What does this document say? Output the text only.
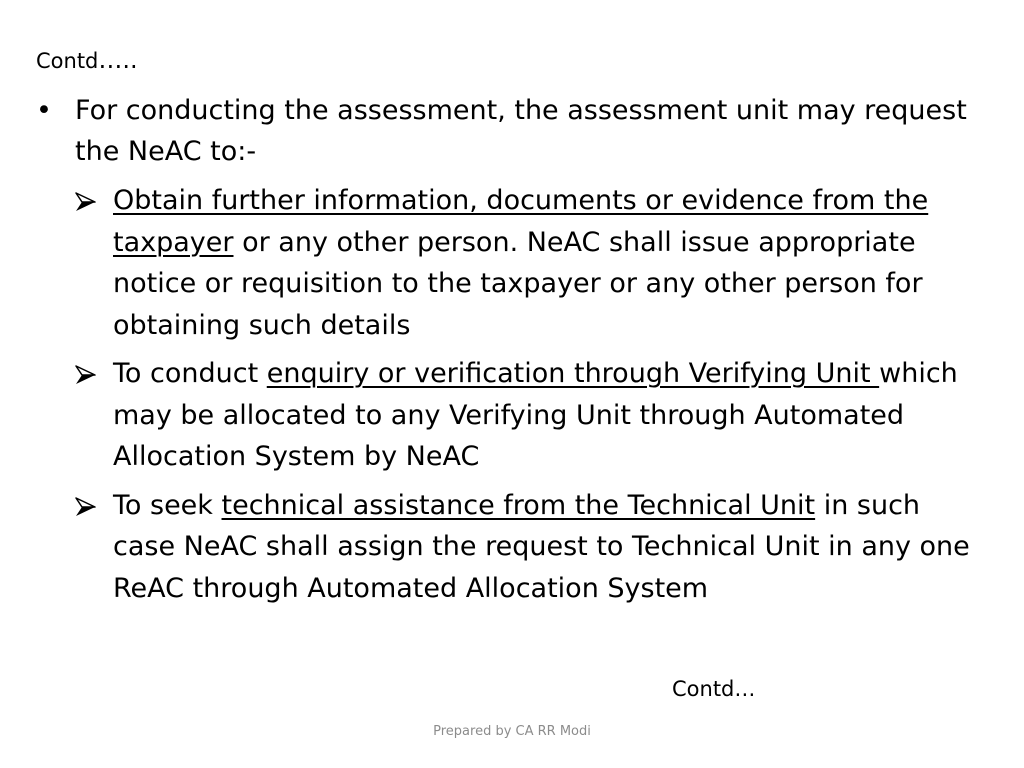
Contd…..
• For conducting the assessment, the assessment unit may request the NeAC to:-
Obtain further information, documents or evidence from the taxpayer or any other person. NeAC shall issue appropriate notice or requisition to the taxpayer or any other person for obtaining such details
To conduct enquiry or verification through Verifying Unit which may be allocated to any Verifying Unit through Automated Allocation System by NeAC
To seek technical assistance from the Technical Unit in such case NeAC shall assign the request to Technical Unit in any one ReAC through Automated Allocation System
Contd…
Prepared by CA RR Modi
